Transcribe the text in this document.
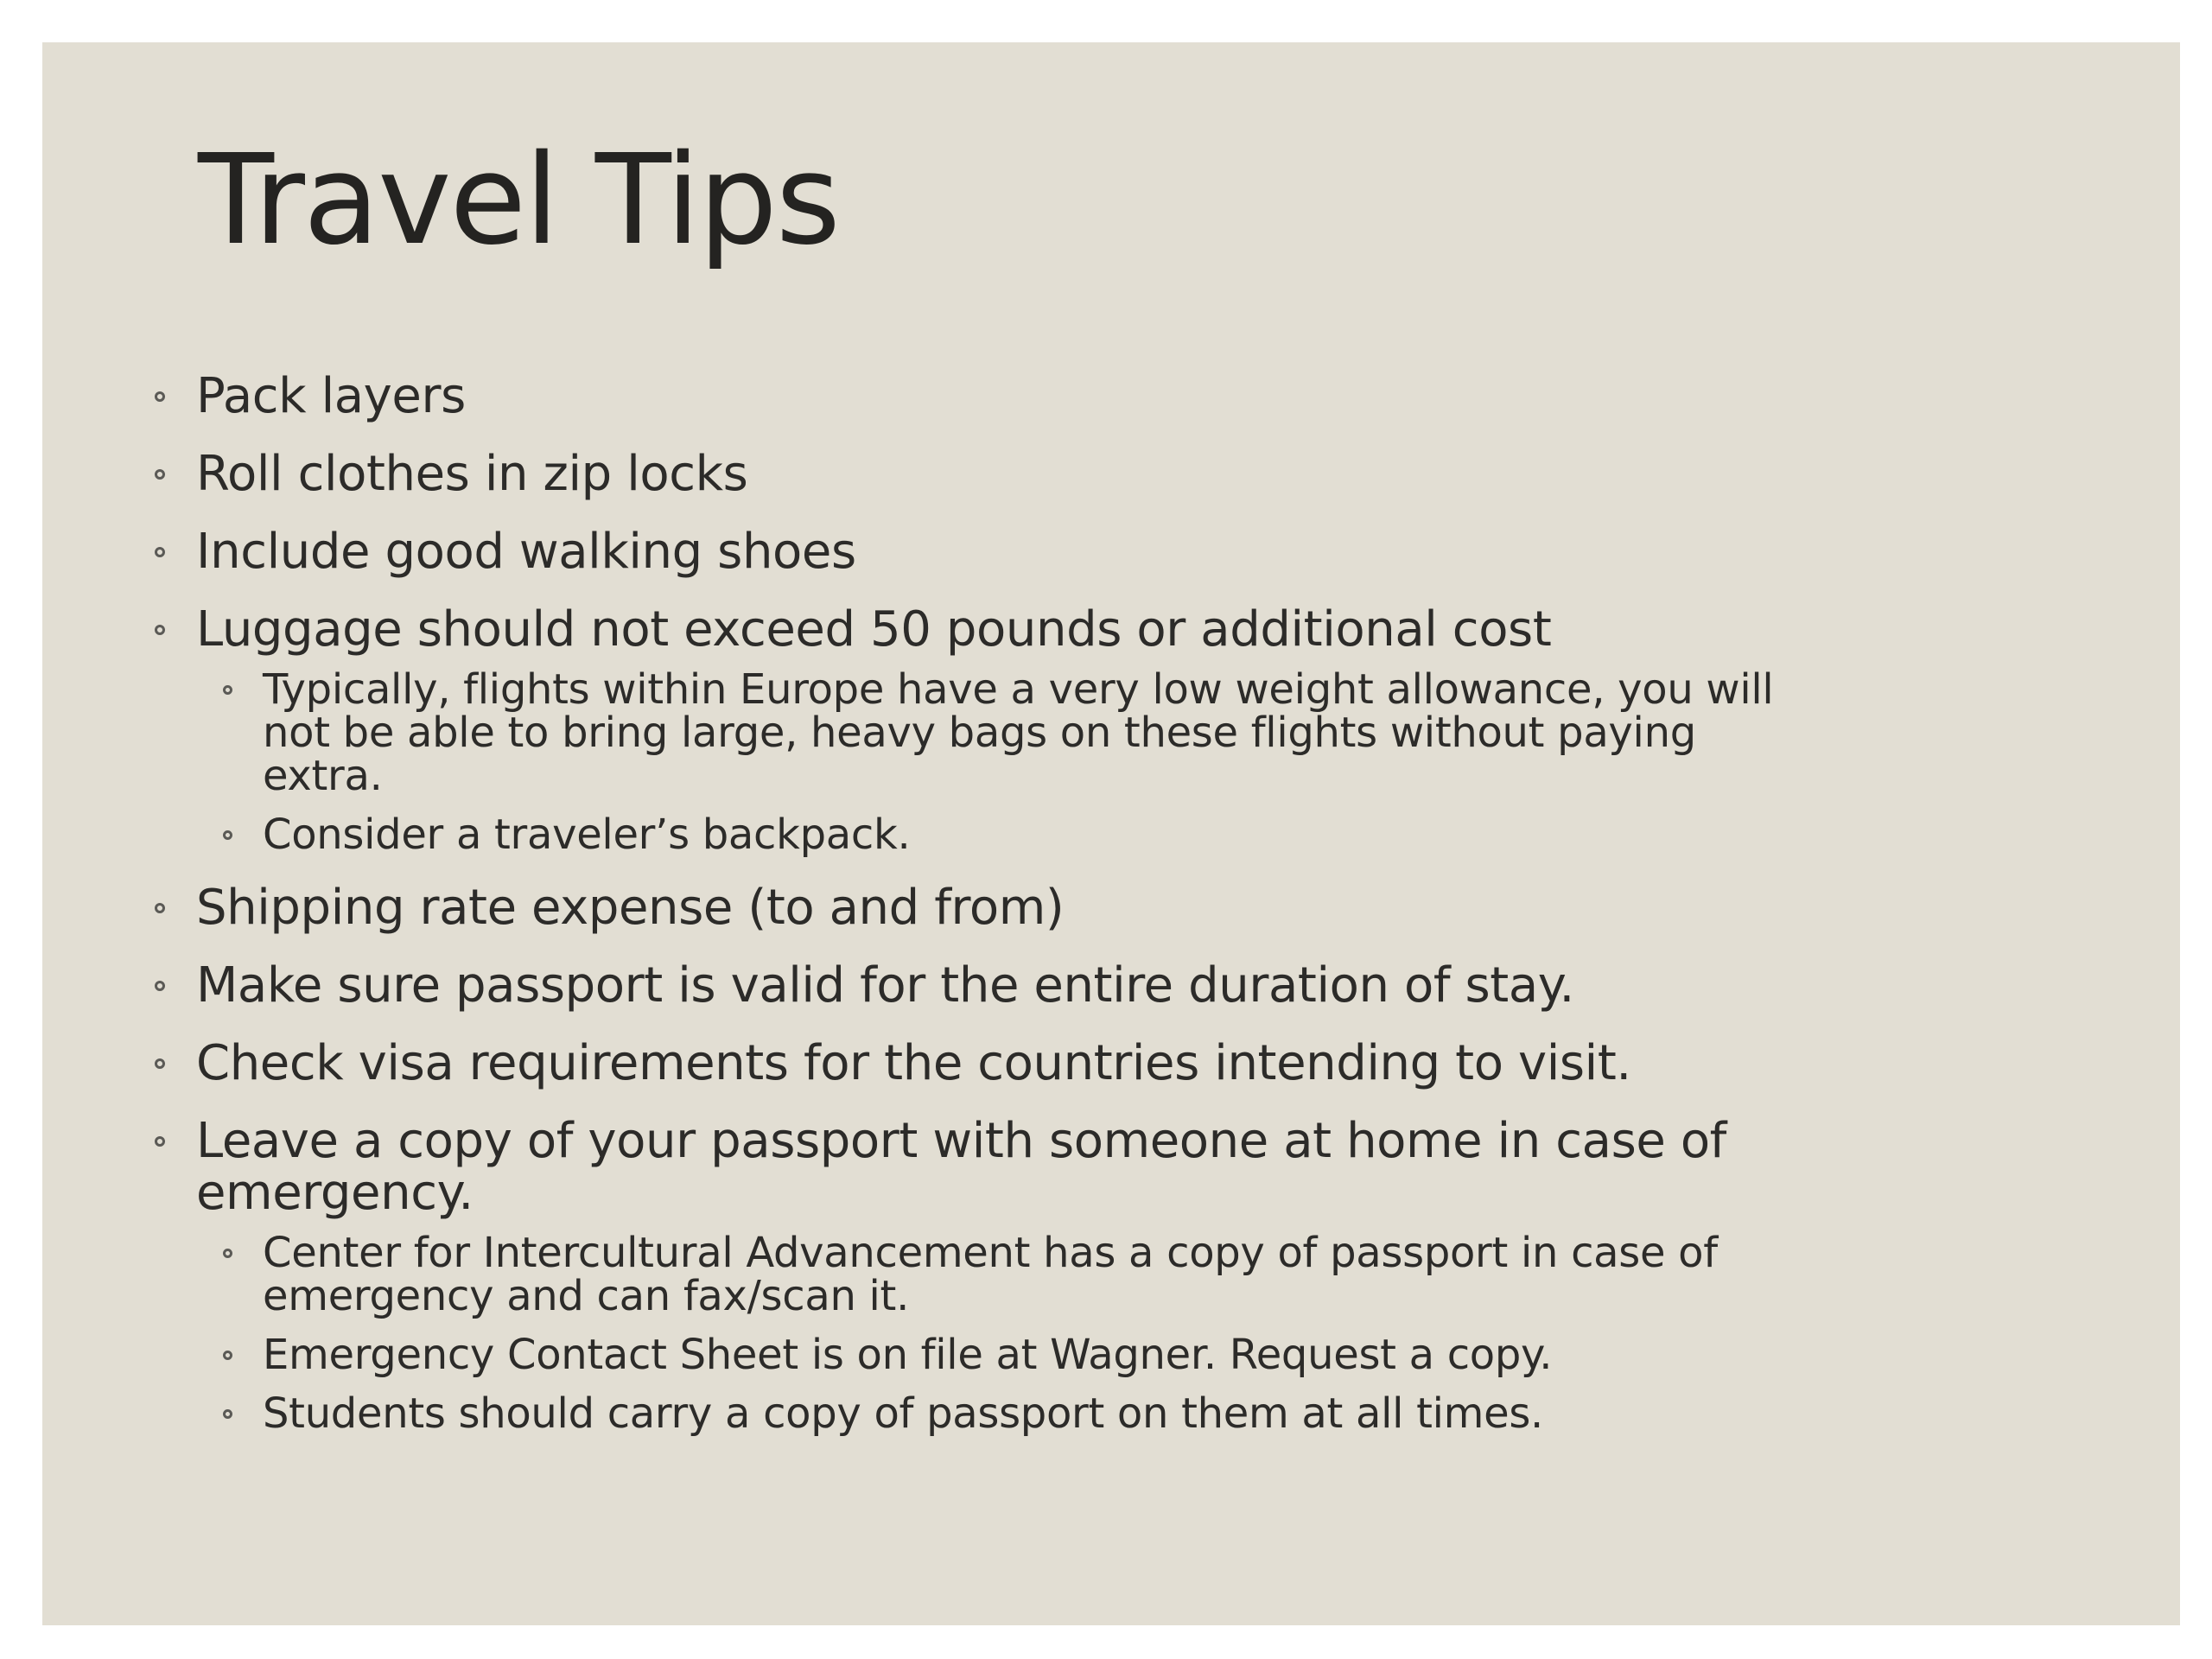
Travel Tips
Pack layers
Roll clothes in zip locks
Include good walking shoes
Luggage should not exceed 50 pounds or additional cost
Typically, flights within Europe have a very low weight allowance, you will not be able to bring large, heavy bags on these flights without paying extra.
Consider a traveler’s backpack.
Shipping rate expense (to and from)
Make sure passport is valid for the entire duration of stay.
Check visa requirements for the countries intending to visit.
Leave a copy of your passport with someone at home in case of emergency.
Center for Intercultural Advancement has a copy of passport in case of emergency and can fax/scan it.
Emergency Contact Sheet is on file at Wagner. Request a copy.
Students should carry a copy of passport on them at all times.
